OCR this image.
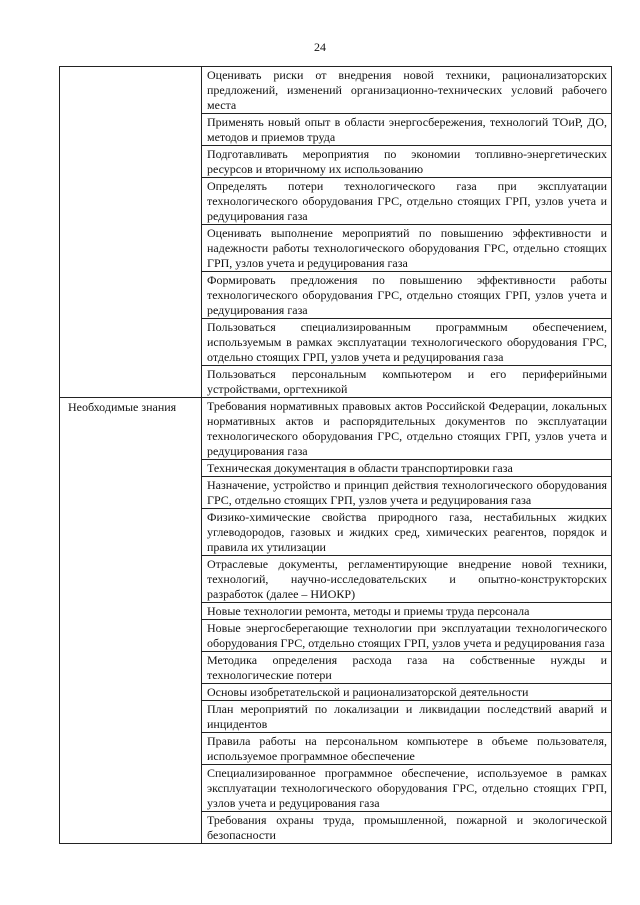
24
	Оценивать риски от внедрения новой техники, рационализаторских предложений, изменений организационно-технических условий рабочего места
	Применять новый опыт в области энергосбережения, технологий ТОиР, ДО, методов и приемов труда
	Подготавливать мероприятия по экономии топливно-энергетических ресурсов и вторичному их использованию
	Определять потери технологического газа при эксплуатации технологического оборудования ГРС, отдельно стоящих ГРП, узлов учета и редуцирования газа
	Оценивать выполнение мероприятий по повышению эффективности и надежности работы технологического оборудования ГРС, отдельно стоящих ГРП, узлов учета и редуцирования газа
	Формировать предложения по повышению эффективности работы технологического оборудования ГРС, отдельно стоящих ГРП, узлов учета и редуцирования газа
	Пользоваться специализированным программным обеспечением, используемым в рамках эксплуатации технологического оборудования ГРС, отдельно стоящих ГРП, узлов учета и редуцирования газа
	Пользоваться персональным компьютером и его периферийными устройствами, оргтехникой
Необходимые знания	Требования нормативных правовых актов Российской Федерации, локальных нормативных актов и распорядительных документов по эксплуатации технологического оборудования ГРС, отдельно стоящих ГРП, узлов учета и редуцирования газа
	Техническая документация в области транспортировки газа
	Назначение, устройство и принцип действия технологического оборудования ГРС, отдельно стоящих ГРП, узлов учета и редуцирования газа
	Физико-химические свойства природного газа, нестабильных жидких углеводородов, газовых и жидких сред, химических реагентов, порядок и правила их утилизации
	Отраслевые документы, регламентирующие внедрение новой техники, технологий, научно-исследовательских и опытно-конструкторских разработок (далее – НИОКР)
	Новые технологии ремонта, методы и приемы труда персонала
	Новые энергосберегающие технологии при эксплуатации технологического оборудования ГРС, отдельно стоящих ГРП, узлов учета и редуцирования газа
	Методика определения расхода газа на собственные нужды и технологические потери
	Основы изобретательской и рационализаторской деятельности
	План мероприятий по локализации и ликвидации последствий аварий и инцидентов
	Правила работы на персональном компьютере в объеме пользователя, используемое программное обеспечение
	Специализированное программное обеспечение, используемое в рамках эксплуатации технологического оборудования ГРС, отдельно стоящих ГРП, узлов учета и редуцирования газа
	Требования охраны труда, промышленной, пожарной и экологической безопасности
